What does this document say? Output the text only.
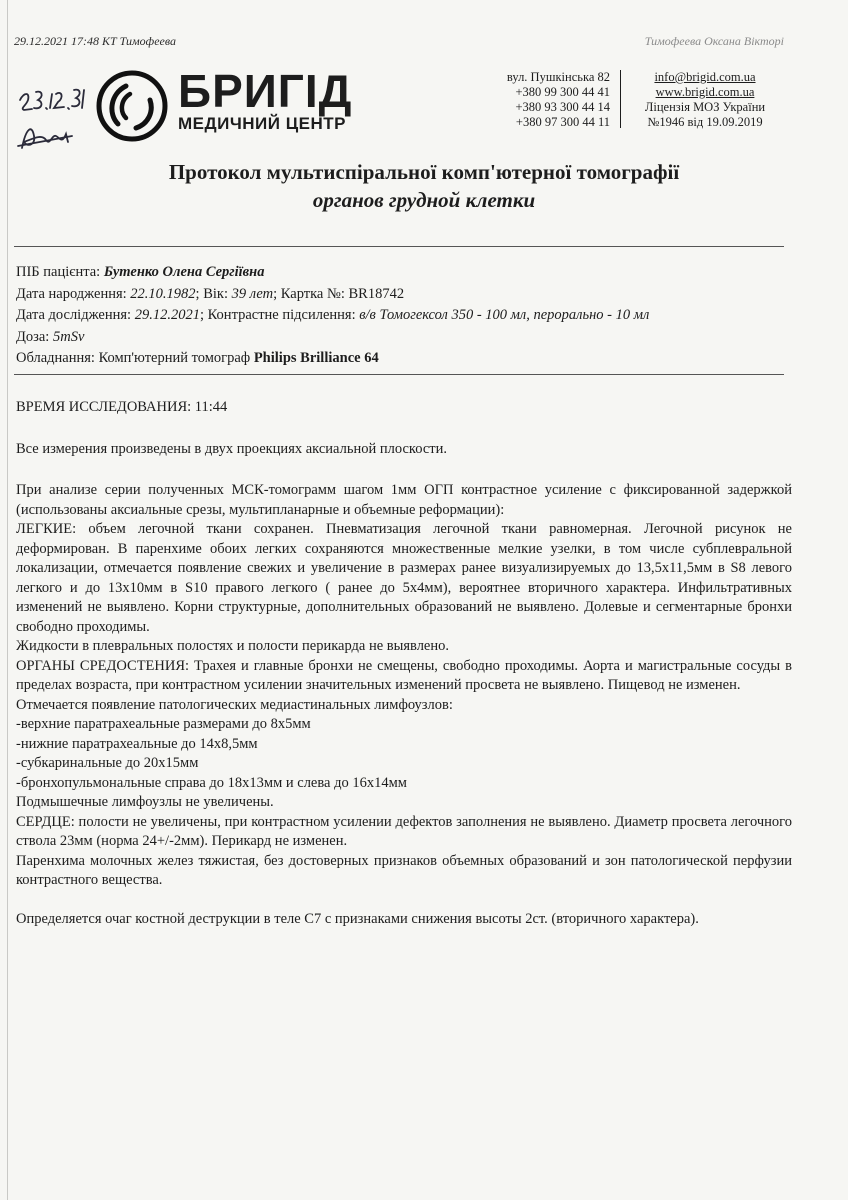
29.12.2021 17:48 КТ Тимофеева	Тимофеева Оксана Вікторі
БРИГІД
МЕДИЧНИЙ ЦЕНТР
вул. Пушкінська 82
+380 99 300 44 41
+380 93 300 44 14
+380 97 300 44 11
info@brigid.com.ua
www.brigid.com.ua
Ліцензія МОЗ України
№1946 від 19.09.2019
Протокол мультиспіральної комп'ютерної томографії
органов грудной клетки
ПІБ пацієнта: Бутенко Олена Сергіївна
Дата народження: 22.10.1982; Вік: 39 лет; Картка №: BR18742
Дата дослідження: 29.12.2021; Контрастне підсилення: в/в Томогексол 350 - 100 мл, перорально - 10 мл
Доза: 5mSv
Обладнання: Комп'ютерний томограф Philips Brilliance 64

ВРЕМЯ ИССЛЕДОВАНИЯ: 11:44

Все измерения произведены в двух проекциях аксиальной плоскости.

При анализе серии полученных МСК-томограмм шагом 1мм ОГП контрастное усиление с фиксированной задержкой (использованы аксиальные срезы, мультипланарные и объемные реформации):

ЛЕГКИЕ: объем легочной ткани сохранен. Пневматизация легочной ткани равномерная. Легочной рисунок не деформирован. В паренхиме обоих легких сохраняются множественные мелкие узелки, в том числе субплевральной локализации, отмечается появление свежих и увеличение в размерах ранее визуализируемых до 13,5х11,5мм в S8 левого легкого и до 13х10мм в S10 правого легкого ( ранее до 5х4мм), вероятнее вторичного характера. Инфильтративных изменений не выявлено. Корни структурные, дополнительных образований не выявлено. Долевые и сегментарные бронхи свободно проходимы.

Жидкости в плевральных полостях и полости перикарда не выявлено.

ОРГАНЫ СРЕДОСТЕНИЯ: Трахея и главные бронхи не смещены, свободно проходимы. Аорта и магистральные сосуды в пределах возраста, при контрастном усилении значительных изменений просвета не выявлено. Пищевод не изменен.

Отмечается появление патологических медиастинальных лимфоузлов:

-верхние паратрахеальные размерами до 8х5мм

-нижние паратрахеальные до 14х8,5мм

-субкаринальные до 20х15мм

-бронхопульмональные справа до 18х13мм и слева до 16х14мм

Подмышечные лимфоузлы не увеличены.

СЕРДЦЕ: полости не увеличены, при контрастном усилении дефектов заполнения не выявлено. Диаметр просвета легочного ствола 23мм (норма 24+/-2мм). Перикард не изменен.

Паренхима молочных желез тяжистая, без достоверных признаков объемных образований и зон патологической перфузии контрастного вещества.

Определяется очаг костной деструкции в теле С7 с признаками снижения высоты 2ст. (вторичного характера).
